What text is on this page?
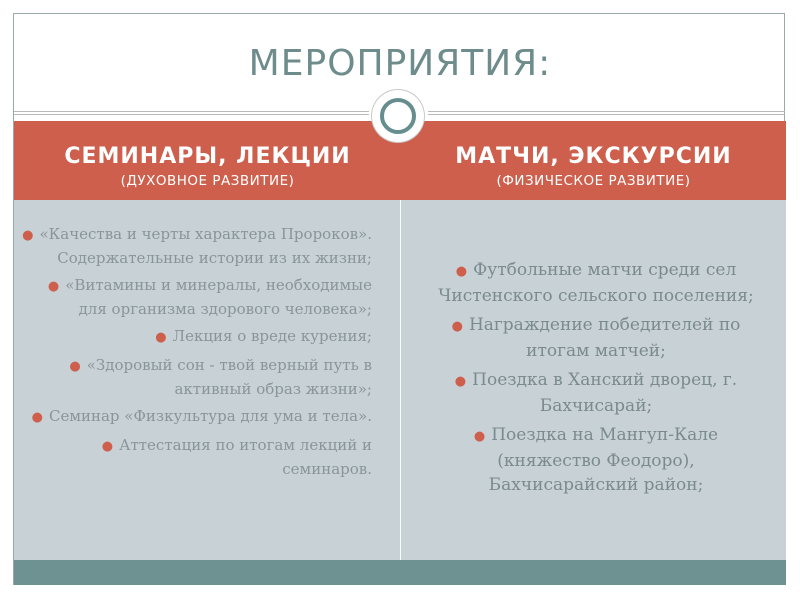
МЕРОПРИЯТИЯ:
СЕМИНАРЫ, ЛЕКЦИИ
(ДУХОВНОЕ РАЗВИТИЕ)
МАТЧИ, ЭКСКУРСИИ
(ФИЗИЧЕСКОЕ РАЗВИТИЕ)
● «Качества и черты характера Пророков». Содержательные истории из их жизни;
● «Витамины и минералы, необходимые для организма здорового человека»;
● Лекция о вреде курения;
● «Здоровый сон - твой верный путь в активный образ жизни»;
● Семинар «Физкультура для ума и тела».
● Аттестация по итогам лекций и семинаров.
● Футбольные матчи среди сел Чистенского сельского поселения;
● Награждение победителей по итогам матчей;
● Поездка в Ханский дворец, г. Бахчисарай;
● Поездка на Мангуп-Кале (княжество Феодоро), Бахчисарайский район;
